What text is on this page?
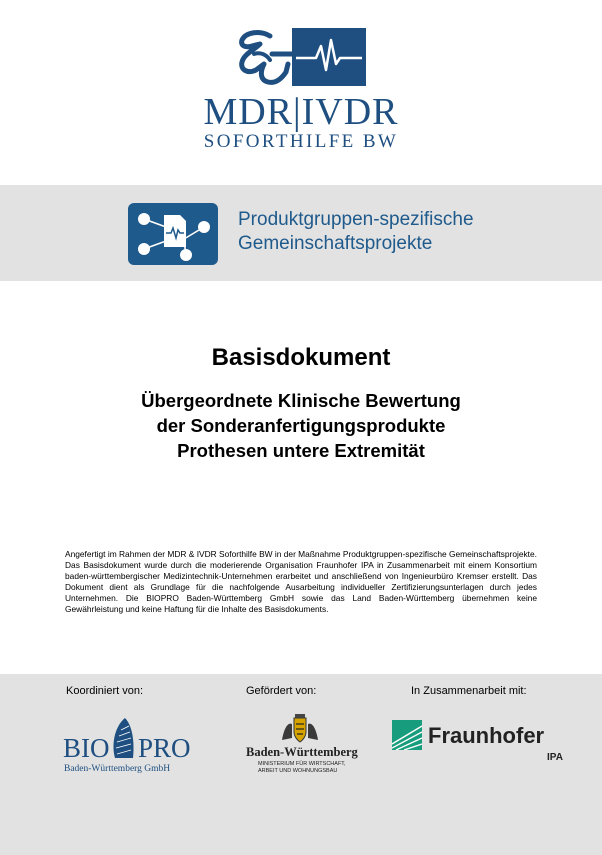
MDR|IVDR
SOFORTHILFE BW
Produktgruppen-spezifische
Gemeinschaftsprojekte
Basisdokument
Übergeordnete Klinische Bewertung
der Sonderanfertigungsprodukte
Prothesen untere Extremität

Angefertigt im Rahmen der MDR & IVDR Soforthilfe BW in der Maßnahme Produktgruppen-spezifische Gemeinschaftsprojekte. Das Basisdokument wurde durch die moderierende Organisation Fraunhofer IPA in Zusammenarbeit mit einem Konsortium baden-württembergischer Medizintechnik-Unternehmen erarbeitet und anschließend von Ingenieurbüro Kremser erstellt. Das Dokument dient als Grundlage für die nachfolgende Ausarbeitung individueller Zertifizierungsunterlagen durch jedes Unternehmen. Die BIOPRO Baden-Württemberg GmbH sowie das Land Baden-Württemberg übernehmen keine Gewährleistung und keine Haftung für die Inhalte des Basisdokuments.

Koordiniert von:	Gefördert von:	In Zusammenarbeit mit:
BIO PRO
Baden-Württemberg GmbH
Baden-Württemberg
MINISTERIUM FÜR WIRTSCHAFT,
ARBEIT UND WOHNUNGSBAU
Fraunhofer
IPA
